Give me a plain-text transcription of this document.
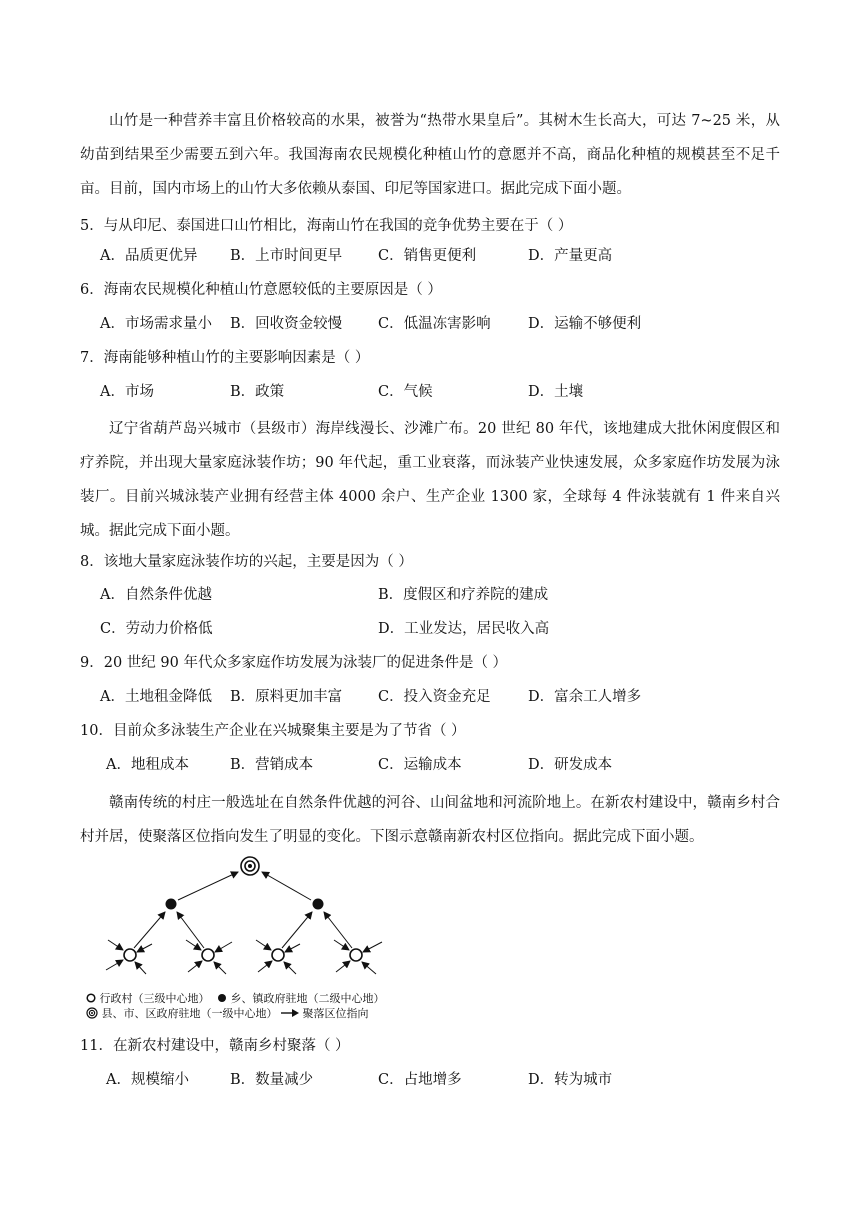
山竹是一种营养丰富且价格较高的水果，被誉为“热带水果皇后”。其树木生长高大，可达 7~25 米，从幼苗到结果至少需要五到六年。我国海南农民规模化种植山竹的意愿并不高，商品化种植的规模甚至不足千亩。目前，国内市场上的山竹大多依赖从泰国、印尼等国家进口。据此完成下面小题。
5．与从印尼、泰国进口山竹相比，海南山竹在我国的竞争优势主要在于（ ）
A．品质更优异 B．上市时间更早 C．销售更便利	D．产量更高
6．海南农民规模化种植山竹意愿较低的主要原因是（ ）
A．市场需求量小 B．回收资金较慢 C．低温冻害影响	D．运输不够便利
7．海南能够种植山竹的主要影响因素是（ ）
A．市场	B．政策	C．气候	D．土壤
辽宁省葫芦岛兴城市（县级市）海岸线漫长、沙滩广布。20 世纪 80 年代，该地建成大批休闲度假区和疗养院，并出现大量家庭泳装作坊；90 年代起，重工业衰落，而泳装产业快速发展，众多家庭作坊发展为泳装厂。目前兴城泳装产业拥有经营主体 4000 余户、生产企业 1300 家，全球每 4 件泳装就有 1 件来自兴城。据此完成下面小题。
8．该地大量家庭泳装作坊的兴起，主要是因为（ ）
A．自然条件优越	B．度假区和疗养院的建成
C．劳动力价格低	D．工业发达，居民收入高
9．20 世纪 90 年代众多家庭作坊发展为泳装厂的促进条件是（ ）
A．土地租金降低 B．原料更加丰富 C．投入资金充足	D．富余工人增多
10．目前众多泳装生产企业在兴城聚集主要是为了节省（ ）
A．地租成本	B．营销成本	C．运输成本	D．研发成本
赣南传统的村庄一般选址在自然条件优越的河谷、山间盆地和河流阶地上。在新农村建设中，赣南乡村合村并居，使聚落区位指向发生了明显的变化。下图示意赣南新农村区位指向。据此完成下面小题。
行政村（三级中心地） 乡、镇政府驻地（二级中心地）
县、市、区政府驻地（一级中心地） 聚落区位指向
11．在新农村建设中，赣南乡村聚落（ ）
A．规模缩小	B．数量减少	C．占地增多	D．转为城市
